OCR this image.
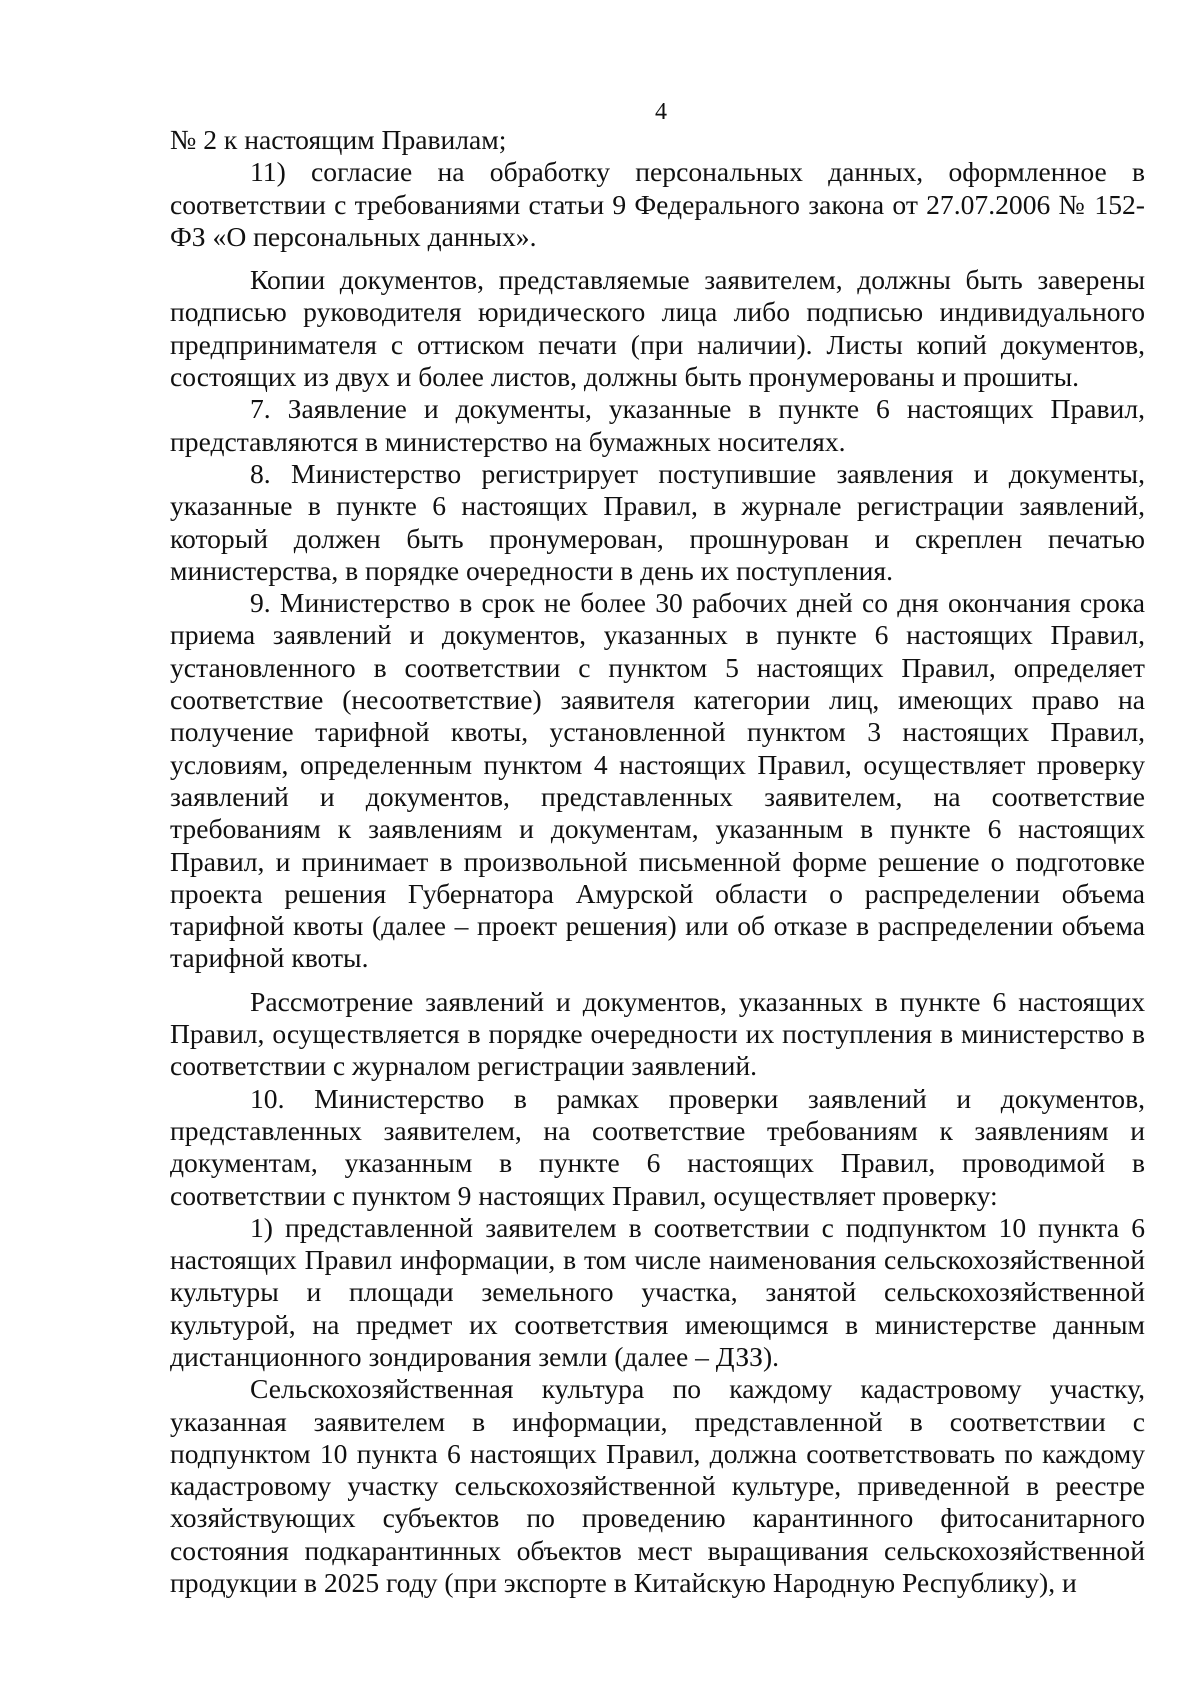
4

№ 2 к настоящим Правилам;

11) согласие на обработку персональных данных, оформленное в соответствии с требованиями статьи 9 Федерального закона от 27.07.2006 № 152-ФЗ «О персональных данных».

Копии документов, представляемые заявителем, должны быть заверены подписью руководителя юридического лица либо подписью индивидуального предпринимателя с оттиском печати (при наличии). Листы копий документов, состоящих из двух и более листов, должны быть пронумерованы и прошиты.

7. Заявление и документы, указанные в пункте 6 настоящих Правил, представляются в министерство на бумажных носителях.

8. Министерство регистрирует поступившие заявления и документы, указанные в пункте 6 настоящих Правил, в журнале регистрации заявлений, который должен быть пронумерован, прошнурован и скреплен печатью министерства, в порядке очередности в день их поступления.

9. Министерство в срок не более 30 рабочих дней со дня окончания срока приема заявлений и документов, указанных в пункте 6 настоящих Правил, установленного в соответствии с пунктом 5 настоящих Правил, определяет соответствие (несоответствие) заявителя категории лиц, имеющих право на получение тарифной квоты, установленной пунктом 3 настоящих Правил, условиям, определенным пунктом 4 настоящих Правил, осуществляет проверку заявлений и документов, представленных заявителем, на соответствие требованиям к заявлениям и документам, указанным в пункте 6 настоящих Правил, и принимает в произвольной письменной форме решение о подготовке проекта решения Губернатора Амурской области о распределении объема тарифной квоты (далее – проект решения) или об отказе в распределении объема тарифной квоты.

Рассмотрение заявлений и документов, указанных в пункте 6 настоящих Правил, осуществляется в порядке очередности их поступления в министерство в соответствии с журналом регистрации заявлений.

10. Министерство в рамках проверки заявлений и документов, представленных заявителем, на соответствие требованиям к заявлениям и документам, указанным в пункте 6 настоящих Правил, проводимой в соответствии с пунктом 9 настоящих Правил, осуществляет проверку:

1) представленной заявителем в соответствии с подпунктом 10 пункта 6 настоящих Правил информации, в том числе наименования сельскохозяйственной культуры и площади земельного участка, занятой сельскохозяйственной культурой, на предмет их соответствия имеющимся в министерстве данным дистанционного зондирования земли (далее – ДЗЗ).

Сельскохозяйственная культура по каждому кадастровому участку, указанная заявителем в информации, представленной в соответствии с подпунктом 10 пункта 6 настоящих Правил, должна соответствовать по каждому кадастровому участку сельскохозяйственной культуре, приведенной в реестре хозяйствующих субъектов по проведению карантинного фитосанитарного состояния подкарантинных объектов мест выращивания сельскохозяйственной продукции в 2025 году (при экспорте в Китайскую Народную Республику), и
